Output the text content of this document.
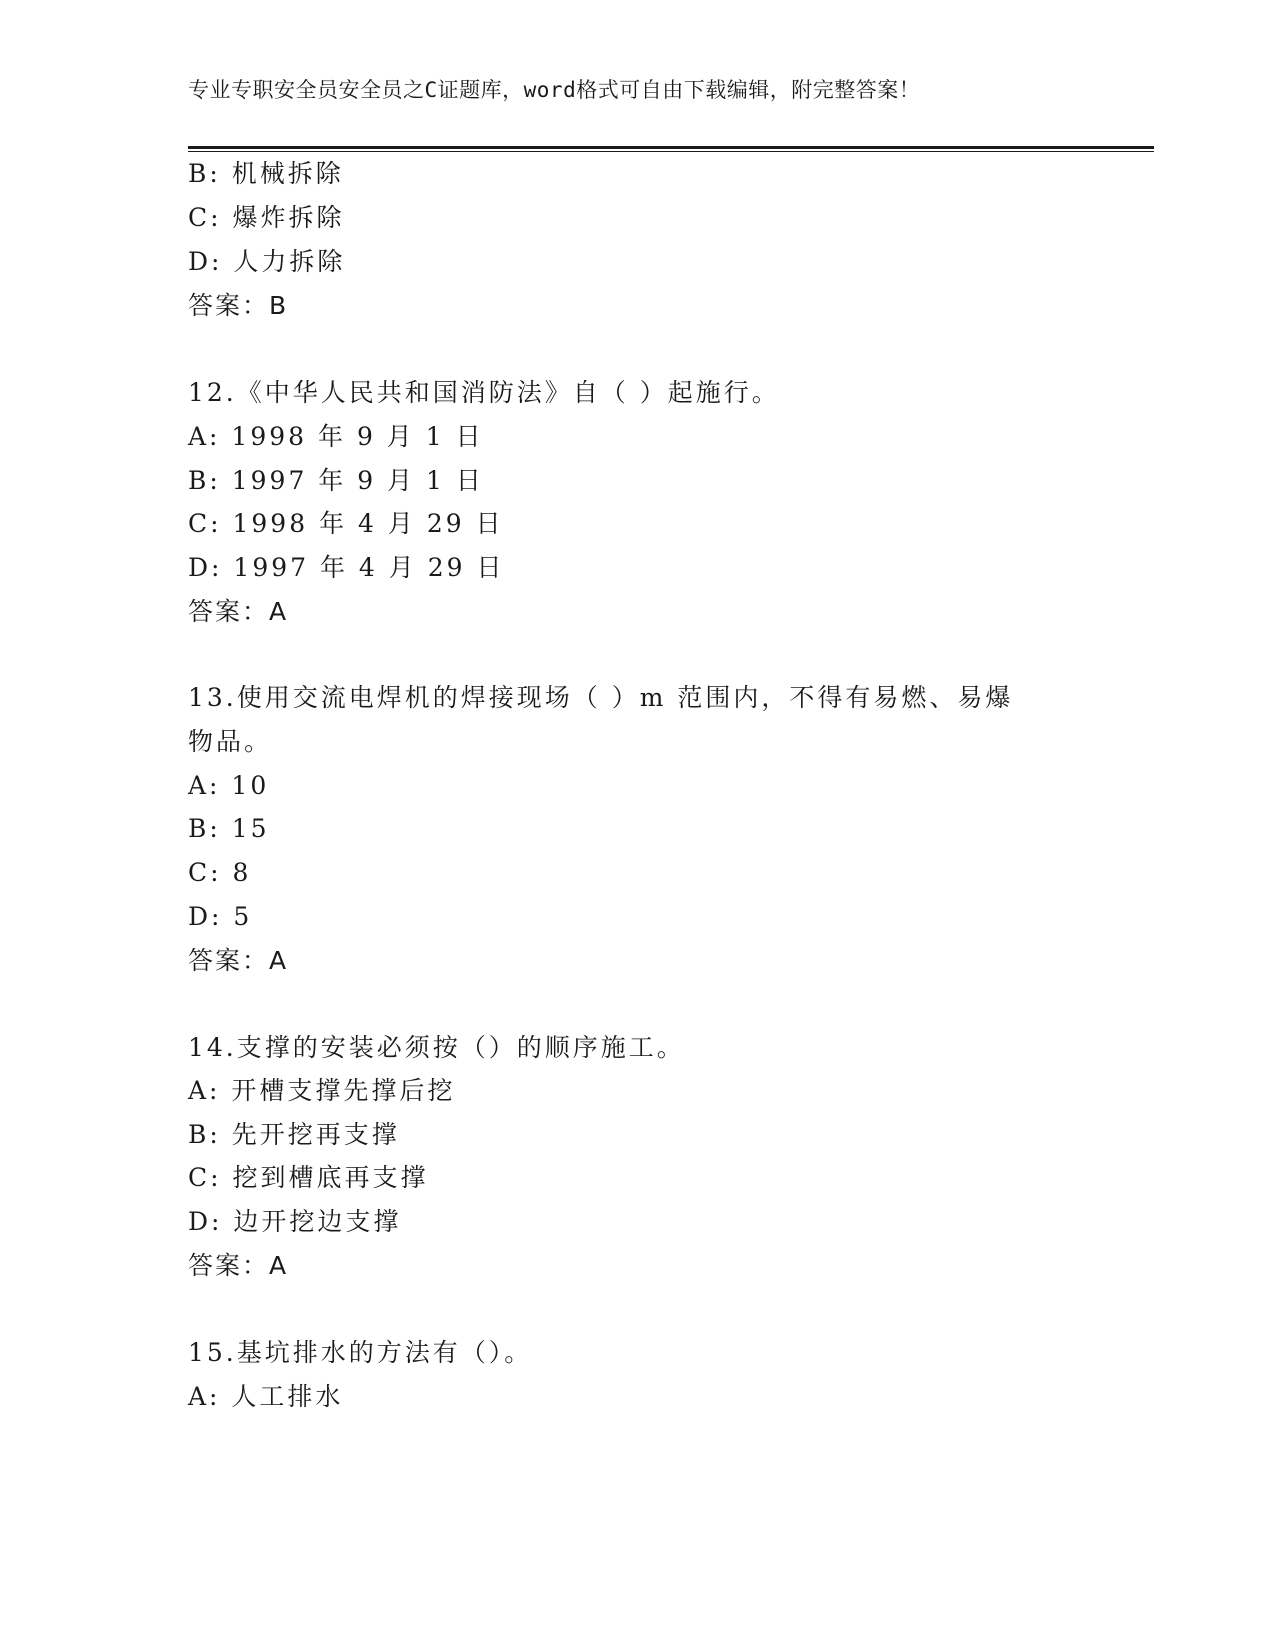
专业专职安全员安全员之C证题库，word格式可自由下载编辑，附完整答案！
B: 机械拆除
C: 爆炸拆除
D: 人力拆除
答案：B
12.《中华人民共和国消防法》自（ ）起施行。
A: 1998 年 9 月 1 日
B: 1997 年 9 月 1 日
C: 1998 年 4 月 29 日
D: 1997 年 4 月 29 日
答案：A
13.使用交流电焊机的焊接现场（ ）m 范围内，不得有易燃、易爆
物品。
A: 10
B: 15
C: 8
D: 5
答案：A
14.支撑的安装必须按（）的顺序施工。
A: 开槽支撑先撑后挖
B: 先开挖再支撑
C: 挖到槽底再支撑
D: 边开挖边支撑
答案：A
15.基坑排水的方法有（）。
A: 人工排水
